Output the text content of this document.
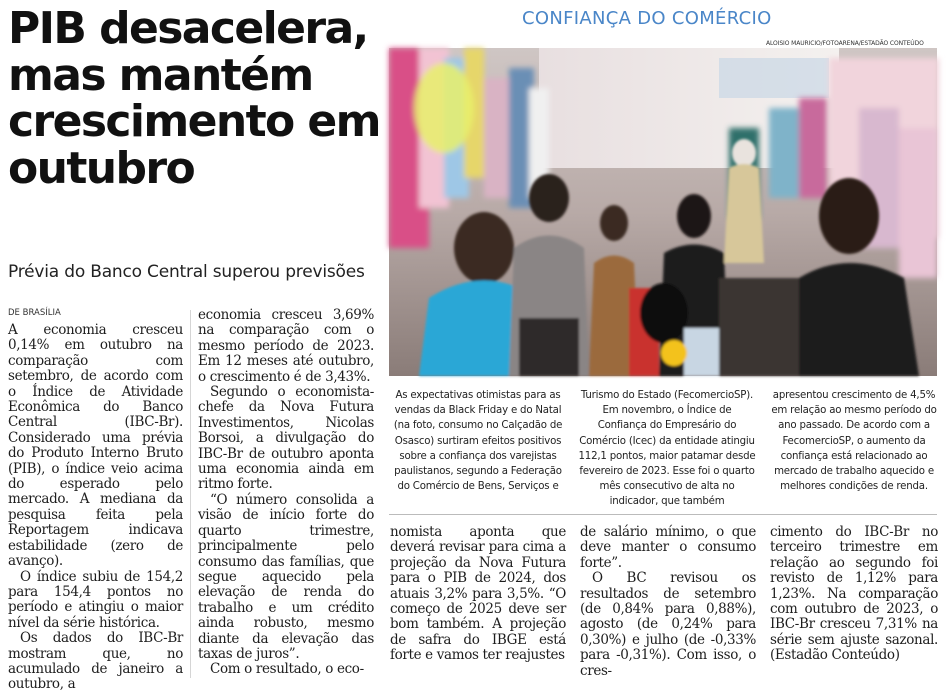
PIB desacelera, mas mantém crescimento em outubro
Prévia do Banco Central superou previsões
DE BRASÍLIA

A economia cresceu 0,14% em outubro na comparação com setembro, de acordo com o Índice de Atividade Econômica do Banco Central (IBC-Br). Considerado uma prévia do Produto Interno Bruto (PIB), o índice veio acima do esperado pelo mercado. A mediana da pesquisa feita pela Reportagem indicava estabilidade (zero de avanço).

O índice subiu de 154,2 para 154,4 pontos no período e atingiu o maior nível da série histórica.

Os dados do IBC-Br mostram que, no acumulado de janeiro a outubro, a

economia cresceu 3,69% na comparação com o mesmo período de 2023. Em 12 meses até outubro, o crescimento é de 3,43%.

Segundo o economista-chefe da Nova Futura Investimentos, Nicolas Borsoi, a divulgação do IBC-Br de outubro aponta uma economia ainda em ritmo forte.

“O número consolida a visão de início forte do quarto trimestre, principalmente pelo consumo das famílias, que segue aquecido pela elevação de renda do trabalho e um crédito ainda robusto, mesmo diante da elevação das taxas de juros”.

Com o resultado, o eco-

CONFIANÇA DO COMÉRCIO
ALOISIO MAURICIO/FOTOARENA/ESTADÃO CONTEÚDO
As expectativas otimistas para as vendas da Black Friday e do Natal (na foto, consumo no Calçadão de Osasco) surtiram efeitos positivos sobre a confiança dos varejistas paulistanos, segundo a Federação do Comércio de Bens, Serviços e
Turismo do Estado (FecomercioSP). Em novembro, o Índice de Confiança do Empresário do Comércio (Icec) da entidade atingiu 112,1 pontos, maior patamar desde fevereiro de 2023. Esse foi o quarto mês consecutivo de alta no indicador, que também
apresentou crescimento de 4,5% em relação ao mesmo período do ano passado. De acordo com a FecomercioSP, o aumento da confiança está relacionado ao mercado de trabalho aquecido e melhores condições de renda.

nomista aponta que deverá revisar para cima a projeção da Nova Futura para o PIB de 2024, dos atuais 3,2% para 3,5%. “O começo de 2025 deve ser bom também. A projeção de safra do IBGE está forte e vamos ter reajustes

de salário mínimo, o que deve manter o consumo forte”.

O BC revisou os resultados de setembro (de 0,84% para 0,88%), agosto (de 0,24% para 0,30%) e julho (de -0,33% para -0,31%). Com isso, o cres-

cimento do IBC-Br no terceiro trimestre em relação ao segundo foi revisto de 1,12% para 1,23%. Na comparação com outubro de 2023, o IBC-Br cresceu 7,31% na série sem ajuste sazonal. (Estadão Conteúdo)
